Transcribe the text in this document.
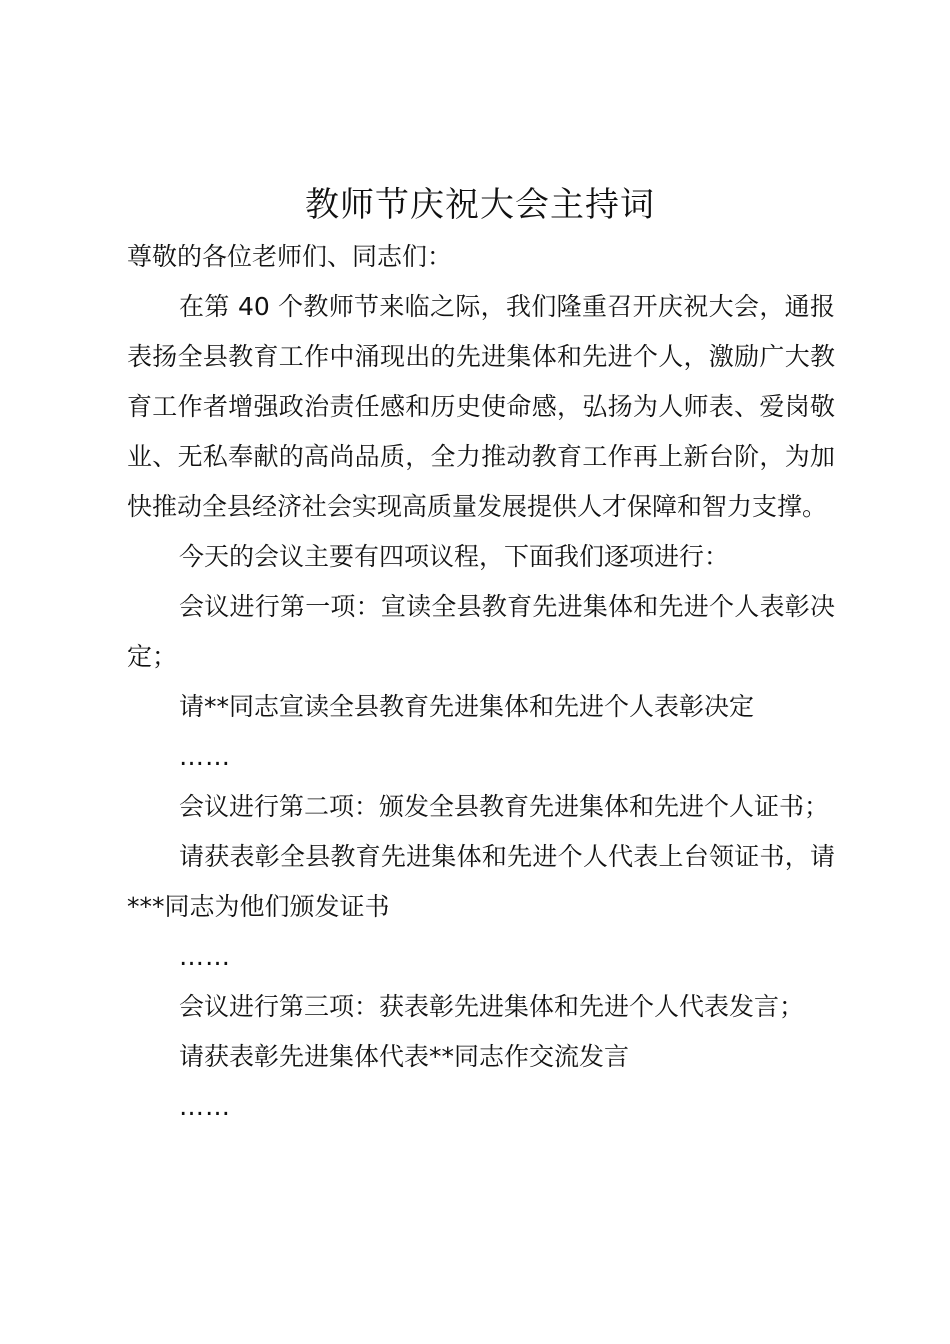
教师节庆祝大会主持词

尊敬的各位老师们、同志们：

在第 40 个教师节来临之际，我们隆重召开庆祝大会，通报表扬全县教育工作中涌现出的先进集体和先进个人，激励广大教育工作者增强政治责任感和历史使命感，弘扬为人师表、爱岗敬业、无私奉献的高尚品质，全力推动教育工作再上新台阶，为加快推动全县经济社会实现高质量发展提供人才保障和智力支撑。

今天的会议主要有四项议程，下面我们逐项进行：

会议进行第一项：宣读全县教育先进集体和先进个人表彰决定；

请**同志宣读全县教育先进集体和先进个人表彰决定

……

会议进行第二项：颁发全县教育先进集体和先进个人证书；

请获表彰全县教育先进集体和先进个人代表上台领证书，请***同志为他们颁发证书

……

会议进行第三项：获表彰先进集体和先进个人代表发言；

请获表彰先进集体代表**同志作交流发言

……
